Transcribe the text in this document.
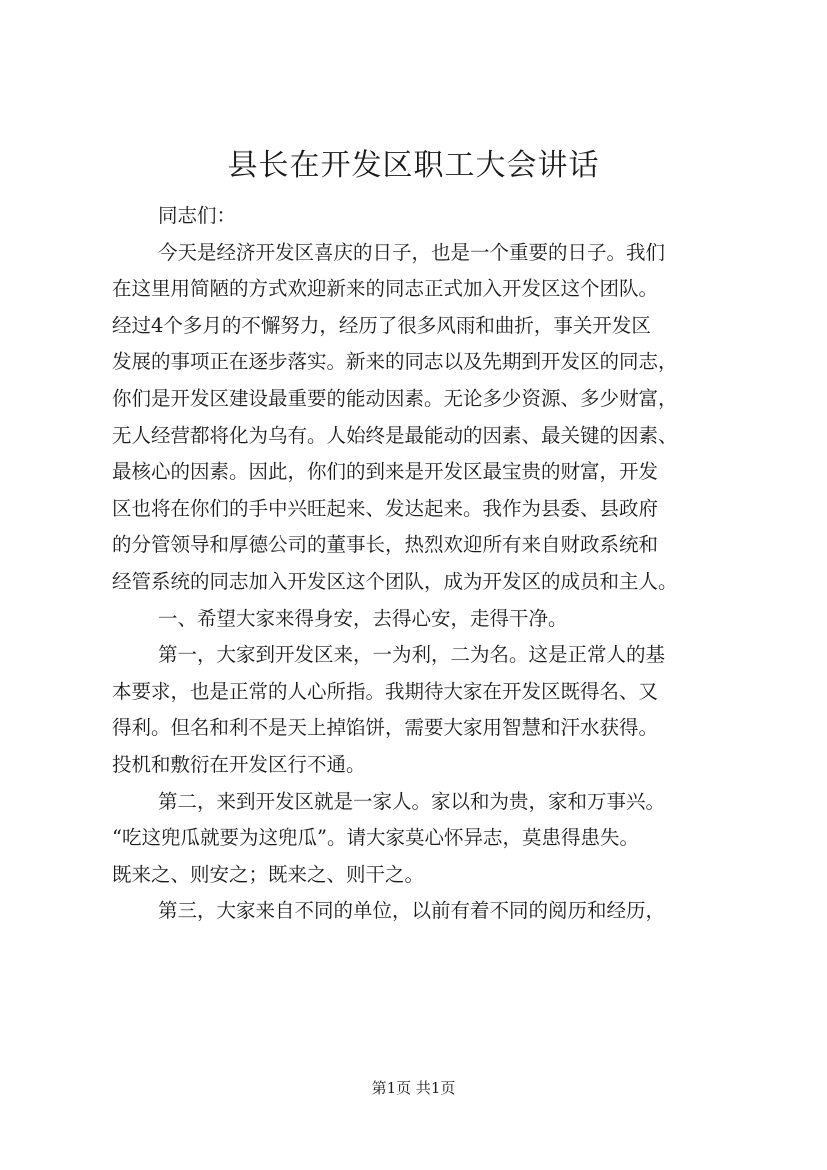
县长在开发区职工大会讲话
同志们：
今天是经济开发区喜庆的日子，也是一个重要的日子。我们
在这里用简陋的方式欢迎新来的同志正式加入开发区这个团队。
经过4个多月的不懈努力，经历了很多风雨和曲折，事关开发区
发展的事项正在逐步落实。新来的同志以及先期到开发区的同志，
你们是开发区建设最重要的能动因素。无论多少资源、多少财富，
无人经营都将化为乌有。人始终是最能动的因素、最关键的因素、
最核心的因素。因此，你们的到来是开发区最宝贵的财富，开发
区也将在你们的手中兴旺起来、发达起来。我作为县委、县政府
的分管领导和厚德公司的董事长，热烈欢迎所有来自财政系统和
经管系统的同志加入开发区这个团队，成为开发区的成员和主人。
一、希望大家来得身安，去得心安，走得干净。
第一，大家到开发区来，一为利，二为名。这是正常人的基
本要求，也是正常的人心所指。我期待大家在开发区既得名、又
得利。但名和利不是天上掉馅饼，需要大家用智慧和汗水获得。
投机和敷衍在开发区行不通。
第二，来到开发区就是一家人。家以和为贵，家和万事兴。
“吃这兜瓜就要为这兜瓜”。请大家莫心怀异志，莫患得患失。
既来之、则安之；既来之、则干之。
第三，大家来自不同的单位，以前有着不同的阅历和经历，
第1页 共1页
